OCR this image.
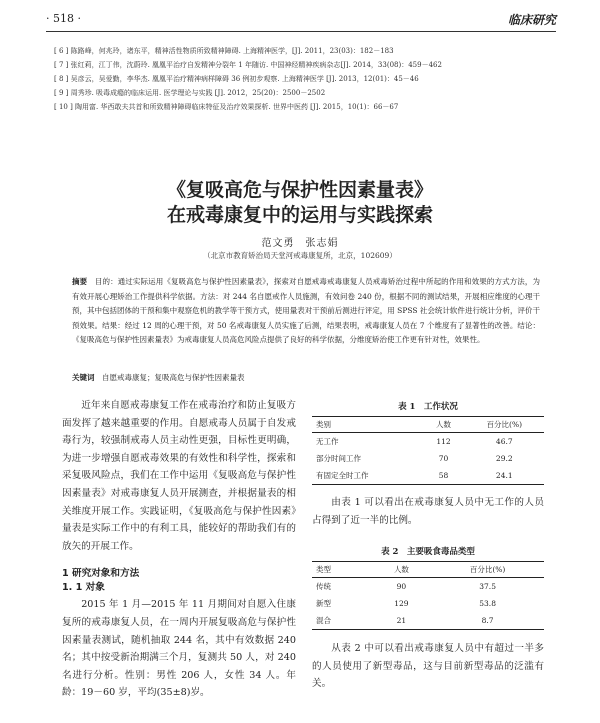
· 518 ·	临床研究
[ 6 ] 陈路峰，何兆玲，诸东平，精神活性物质所致精神障碍. 上海精神医学，[J]. 2011，23(03)：182－183
[ 7 ] 张红莉，江丁伟，沈蔚玲. 凰凰平治疗自发精神分裂年 1 年随访. 中国神经精神疾病杂志[J]. 2014，33(08)：459－462
[ 8 ] 吴彦云，吴爱勤，李华杰. 凰凰平治疗精神病样障碍 36 例初步观察. 上海精神医学 [J]. 2013，12(01)：45－46
[ 9 ] 周秀珍. 吸毒成瘾的临床运用. 医学理论与实践 [J]. 2012，25(20)：2500－2502
[ 10 ] 陶用富. 华西敢夫共首和所致精神障碍临床特征及治疗效果探析. 世界中医药 [J]. 2015，10(1)：66－67
《复吸高危与保护性因素量表》
在戒毒康复中的运用与实践探索
范文勇　张志娟
（北京市教育矫治局天堂河戒毒康复所，北京，102609）
摘要　目的：通过实际运用《复吸高危与保护性因素量表》，探索对自愿戒毒戒毒康复人员戒毒矫治过程中所起的作用和效果的方式方法，为有效开展心理矫治工作提供科学依据。方法：对 244 名自愿戒作人员施测，有效问卷 240 份，根据不同的测试结果，开展相应维度的心理干预，其中包括团体的干预和集中观察危机的教学等干预方式，使用量表对干预前后测进行评定，用 SPSS 社会统计软件进行统计分析，评价干预效果。结果：经过 12 周的心理干预，对 50 名戒毒康复人员实施了后测，结果表明，戒毒康复人员在 7 个维度有了显著性的改善。结论：《复吸高危与保护性因素量表》为戒毒康复人员高危风险点提供了良好的科学依据，分维度矫治使工作更有针对性，效果性。
关键词　自愿戒毒康复；复吸高危与保护性因素量表

近年来自愿戒毒康复工作在戒毒治疗和防止复吸方面发挥了越来越重要的作用。自愿戒毒人员属于自发戒毒行为，较强制戒毒人员主动性更强，目标性更明确，为进一步增强自愿戒毒效果的有效性和科学性，探索和采复吸风险点，我们在工作中运用《复吸高危与保护性因素量表》对戒毒康复人员开展测查，并根据量表的相关维度开展工作。实践证明，《复吸高危与保护性因素》量表是实际工作中的有利工具，能较好的帮助我们有的放矢的开展工作。

1 研究对象和方法
1. 1 对象

2015 年 1 月—2015 年 11 月期间对自愿入住康复所的戒毒康复人员，在一周内开展复吸高危与保护性因素量表测试，随机抽取 244 名，其中有效数据 240 名；其中按受新治期满三个月，复测共 50 人，对 240 名进行分析。性别：男性 206 人，女性 34 人。年龄：19－60 岁，平均(35±8)岁。

表 1　工作状况
类别	人数	百分比(%)
无工作	112	46.7
部分时间工作	70	29.2
有固定全时工作	58	24.1

由表 1 可以看出在戒毒康复人员中无工作的人员占得到了近一半的比例。

表 2　主要吸食毒品类型
类型	人数	百分比(%)
传统	90	37.5
新型	129	53.8
混合	21	8.7

从表 2 中可以看出戒毒康复人员中有超过一半多的人员使用了新型毒品，这与目前新型毒品的泛滥有关。
